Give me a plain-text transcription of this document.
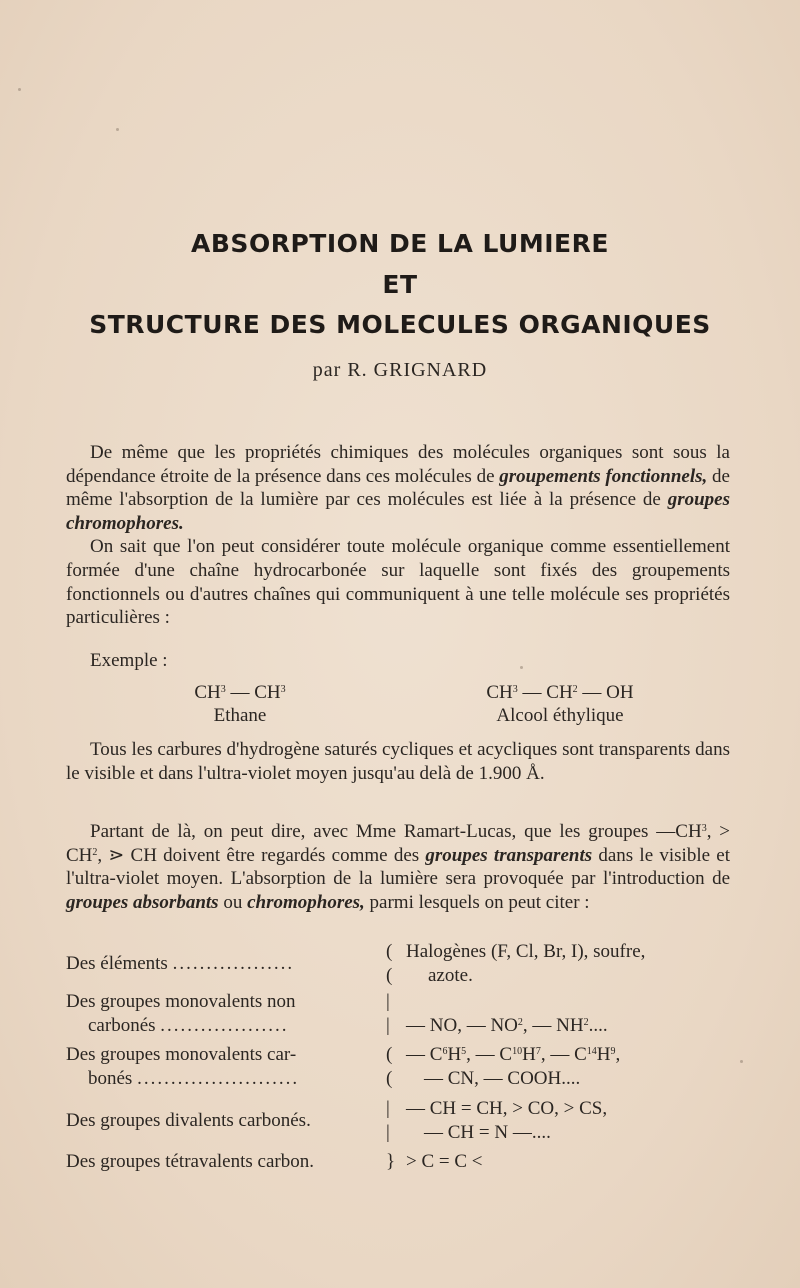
ABSORPTION DE LA LUMIERE
ET
STRUCTURE DES MOLECULES ORGANIQUES
par R. GRIGNARD

De même que les propriétés chimiques des molécules organiques sont sous la dépendance étroite de la présence dans ces molécules de groupements fonctionnels, de même l'absorption de la lumière par ces molécules est liée à la présence de groupes chromophores.

On sait que l'on peut considérer toute molécule organique comme essentiellement formée d'une chaîne hydrocarbonée sur laquelle sont fixés des groupements fonctionnels ou d'autres chaînes qui communiquent à une telle molécule ses propriétés particulières :

Exemple :
$CH^3$ — $CH^3$
Ethane
$CH^3$ — $CH^2$ — OH
Alcool éthylique

Tous les carbures d'hydrogène saturés cycliques et acycliques sont transparents dans le visible et dans l'ultra-violet moyen jusqu'au delà de 1.900 Å.

Partant de là, on peut dire, avec Mme Ramart-Lucas, que les groupes $—CH^3$, > $CH^2$, ⋗ CH doivent être regardés comme des groupes transparents dans le visible et l'ultra-violet moyen. L'absorption de la lumière sera provoquée par l'introduction de groupes absorbants ou chromophores, parmi lesquels on peut citer :

Des éléments ..................
(
(
Halogènes (F, Cl, Br, I), soufre,
azote.
Des groupes monovalents non
carbonés ...................
|
| — NO, — $NO^2$, — $NH^2$....
Des groupes monovalents car-
bonés ........................
(
(
— $C^6H^5$, — $C^{10}H^7$, — $C^{14}H^9$,
— CN, — COOH....
Des groupes divalents carbonés.
|
|
— CH = CH, > CO, > CS,
— CH = N —....
Des groupes tétravalents carbon.	} > C = C <
